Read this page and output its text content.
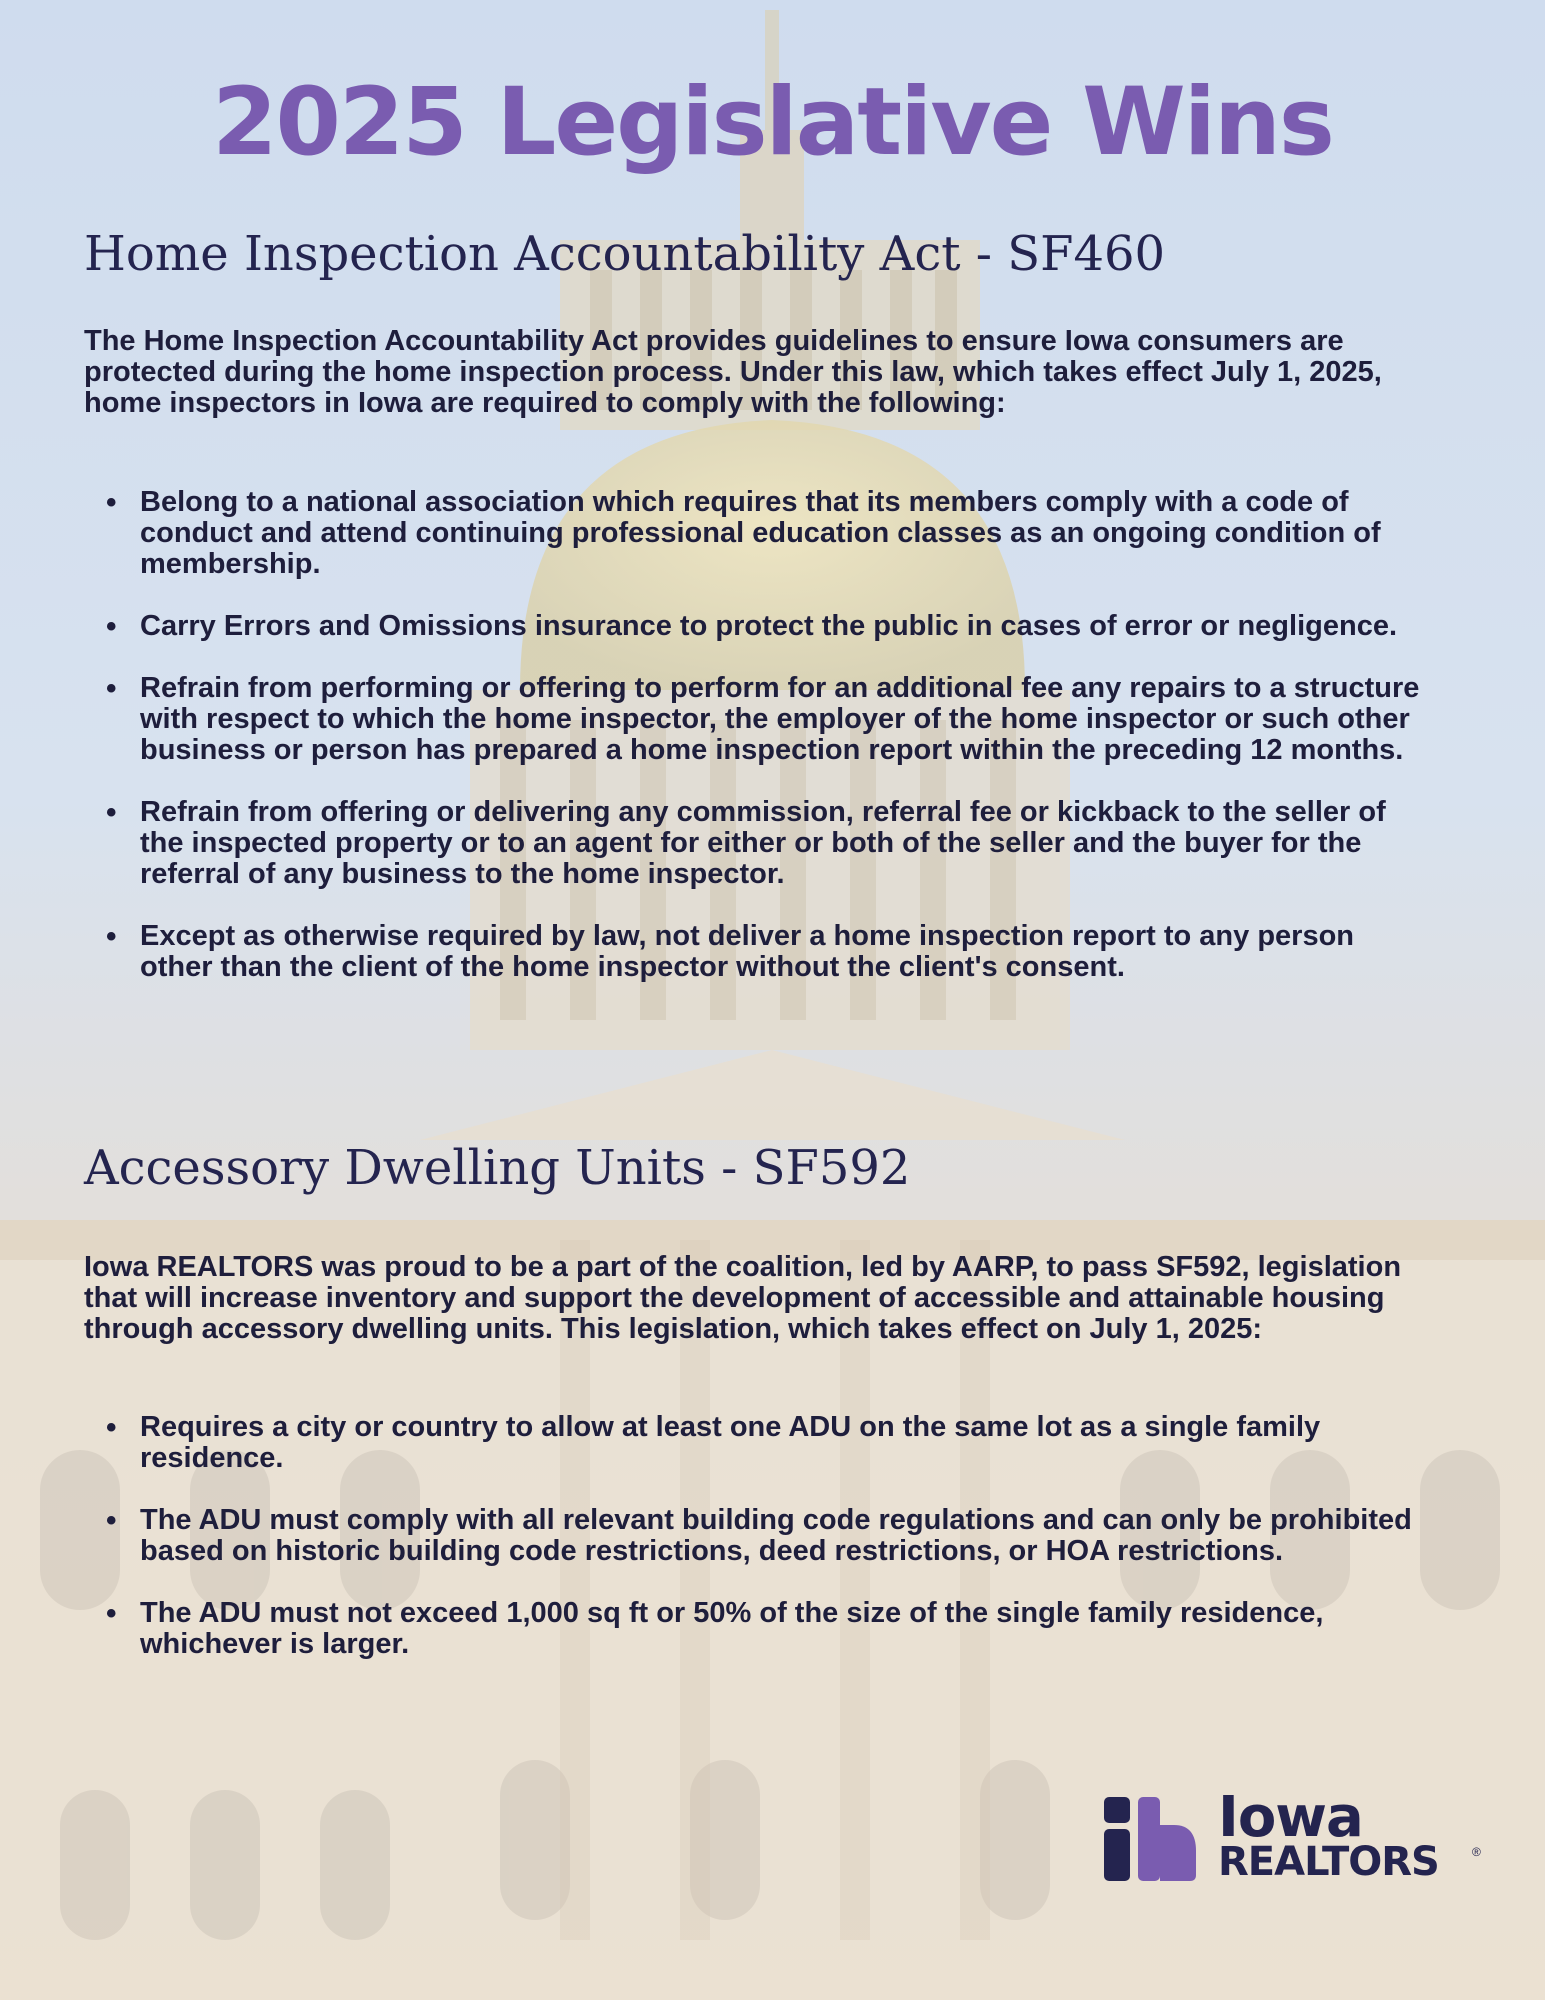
2025 Legislative Wins
Home Inspection Accountability Act - SF460

The Home Inspection Accountability Act provides guidelines to ensure Iowa consumers are protected during the home inspection process. Under this law, which takes effect July 1, 2025, home inspectors in Iowa are required to comply with the following:

• Belong to a national association which requires that its members comply with a code of conduct and attend continuing professional education classes as an ongoing condition of membership.
• Carry Errors and Omissions insurance to protect the public in cases of error or negligence.
• Refrain from performing or offering to perform for an additional fee any repairs to a structure with respect to which the home inspector, the employer of the home inspector or such other business or person has prepared a home inspection report within the preceding 12 months.
• Refrain from offering or delivering any commission, referral fee or kickback to the seller of the inspected property or to an agent for either or both of the seller and the buyer for the referral of any business to the home inspector.
• Except as otherwise required by law, not deliver a home inspection report to any person other than the client of the home inspector without the client's consent.
Accessory Dwelling Units - SF592

Iowa REALTORS was proud to be a part of the coalition, led by AARP, to pass SF592, legislation that will increase inventory and support the development of accessible and attainable housing through accessory dwelling units. This legislation, which takes effect on July 1, 2025:

• Requires a city or country to allow at least one ADU on the same lot as a single family residence.
• The ADU must comply with all relevant building code regulations and can only be prohibited based on historic building code restrictions, deed restrictions, or HOA restrictions.
• The ADU must not exceed 1,000 sq ft or 50% of the size of the single family residence, whichever is larger.
Iowa
REALTORS	®
